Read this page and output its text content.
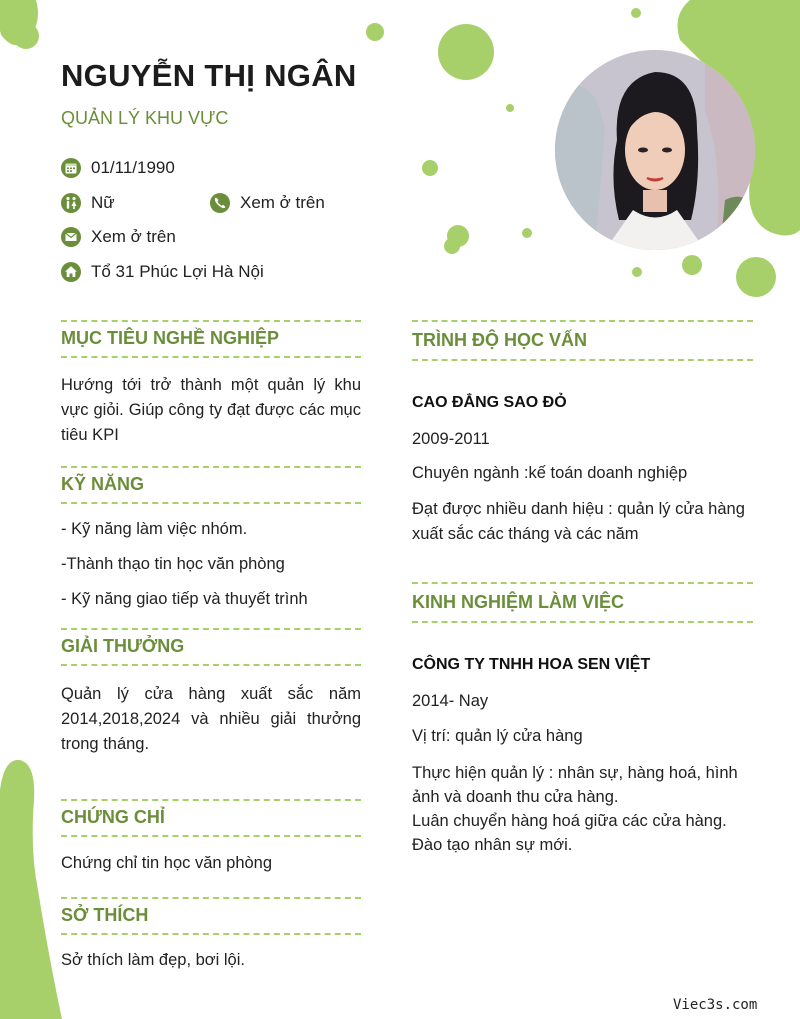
NGUYỄN THỊ NGÂN
QUẢN LÝ KHU VỰC
01/11/1990
Nữ	Xem ở trên
Xem ở trên
Tổ 31 Phúc Lợi Hà Nội
MỤC TIÊU NGHỀ NGHIỆP
Hướng tới trở thành một quản lý khu vực giỏi. Giúp công ty đạt được các mục tiêu KPI
KỸ NĂNG
- Kỹ năng làm việc nhóm.
-Thành thạo tin học văn phòng
- Kỹ năng giao tiếp và thuyết trình
GIẢI THƯỞNG
Quản lý cửa hàng xuất sắc năm 2014,2018,2024 và nhiều giải thưởng trong tháng.
CHỨNG CHỈ
Chứng chỉ tin học văn phòng
SỞ THÍCH
Sở thích làm đẹp, bơi lội.
TRÌNH ĐỘ HỌC VẤN
CAO ĐẲNG SAO ĐỎ
2009-2011
Chuyên ngành :kế toán doanh nghiệp
Đạt được nhiều danh hiệu : quản lý cửa hàng xuất sắc các tháng và các năm
KINH NGHIỆM LÀM VIỆC
CÔNG TY TNHH HOA SEN VIỆT
2014- Nay
Vị trí: quản lý cửa hàng
Thực hiện quản lý : nhân sự, hàng hoá, hình ảnh và doanh thu cửa hàng.
Luân chuyển hàng hoá giữa các cửa hàng.
Đào tạo nhân sự mới.
Viec3s.com
